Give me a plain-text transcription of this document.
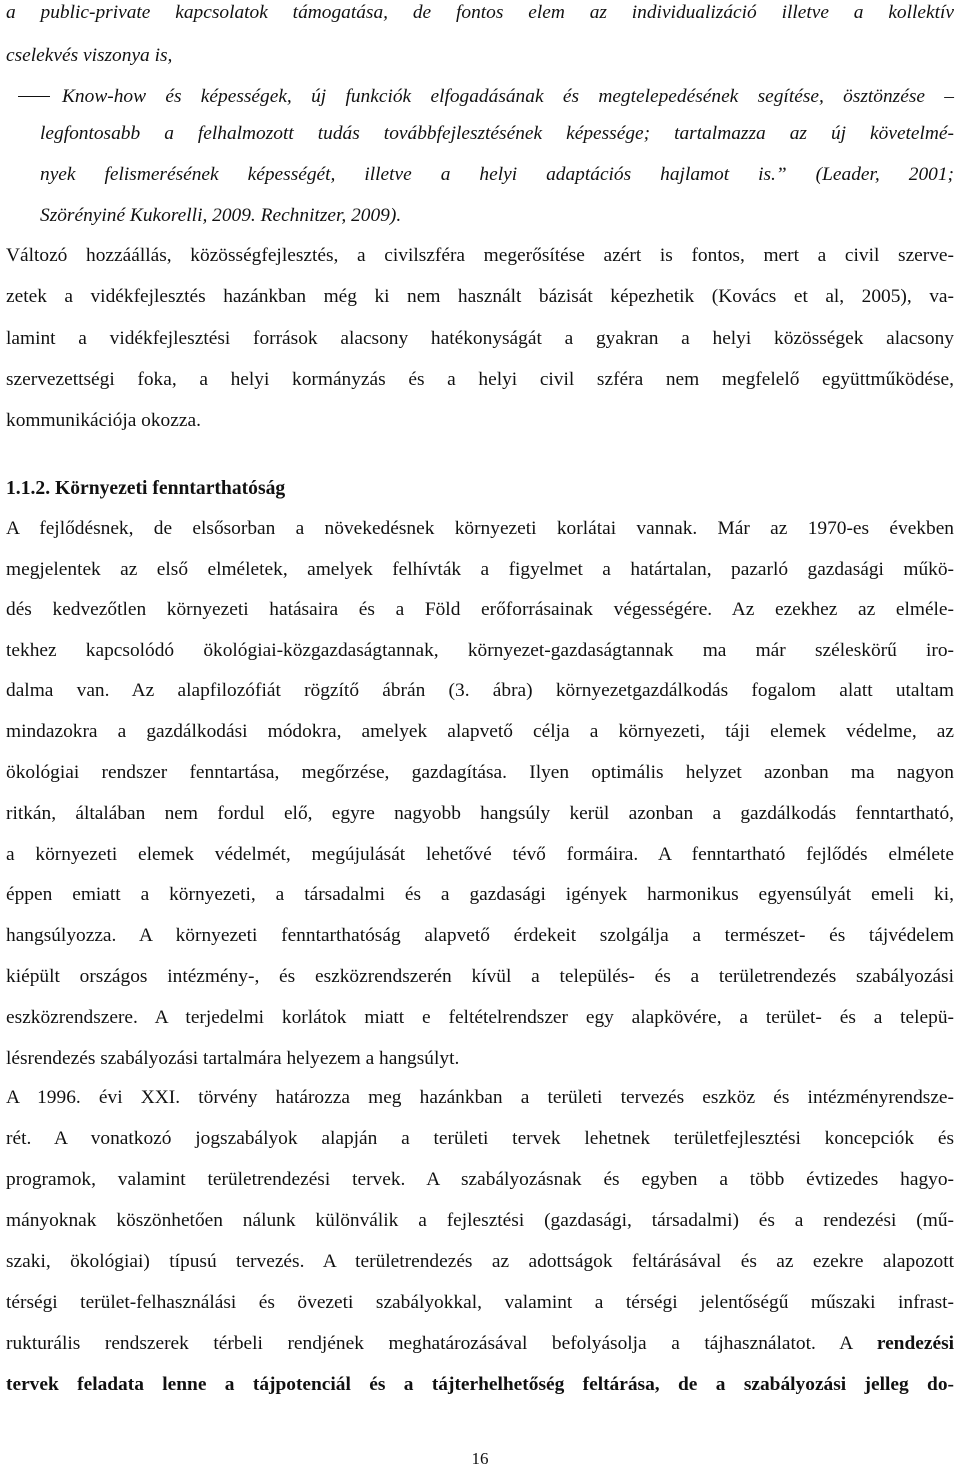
a public-private kapcsolatok támogatása, de fontos elem az individualizáció illetve a kollektív
cselekvés viszonya is,
Know-how és képességek, új funkciók elfogadásának és megtelepedésének segítése, ösztönzése –
legfontosabb a felhalmozott tudás továbbfejlesztésének képessége; tartalmazza az új követelmé-
nyek felismerésének képességét, illetve a helyi adaptációs hajlamot is.” (Leader, 2001;
Szörényiné Kukorelli, 2009. Rechnitzer, 2009).
Változó hozzáállás, közösségfejlesztés, a civilszféra megerősítése azért is fontos, mert a civil szerve-
zetek a vidékfejlesztés hazánkban még ki nem használt bázisát képezhetik (Kovács et al, 2005), va-
lamint a vidékfejlesztési források alacsony hatékonyságát a gyakran a helyi közösségek alacsony
szervezettségi foka, a helyi kormányzás és a helyi civil szféra nem megfelelő együttműködése,
kommunikációja okozza.
1.1.2. Környezeti fenntarthatóság
A fejlődésnek, de elsősorban a növekedésnek környezeti korlátai vannak. Már az 1970-es években
megjelentek az első elméletek, amelyek felhívták a figyelmet a határtalan, pazarló gazdasági műkö-
dés kedvezőtlen környezeti hatásaira és a Föld erőforrásainak végességére. Az ezekhez az elméle-
tekhez kapcsolódó ökológiai-közgazdaságtannak, környezet-gazdaságtannak ma már széleskörű iro-
dalma van. Az alapfilozófiát rögzítő ábrán (3. ábra) környezetgazdálkodás fogalom alatt utaltam
mindazokra a gazdálkodási módokra, amelyek alapvető célja a környezeti, táji elemek védelme, az
ökológiai rendszer fenntartása, megőrzése, gazdagítása. Ilyen optimális helyzet azonban ma nagyon
ritkán, általában nem fordul elő, egyre nagyobb hangsúly kerül azonban a gazdálkodás fenntartható,
a környezeti elemek védelmét, megújulását lehetővé tévő formáira. A fenntartható fejlődés elmélete
éppen emiatt a környezeti, a társadalmi és a gazdasági igények harmonikus egyensúlyát emeli ki,
hangsúlyozza. A környezeti fenntarthatóság alapvető érdekeit szolgálja a természet- és tájvédelem
kiépült országos intézmény-, és eszközrendszerén kívül a település- és a területrendezés szabályozási
eszközrendszere. A terjedelmi korlátok miatt e feltételrendszer egy alapkövére, a terület- és a telepü-
lésrendezés szabályozási tartalmára helyezem a hangsúlyt.
A 1996. évi XXI. törvény határozza meg hazánkban a területi tervezés eszköz és intézményrendsze-
rét. A vonatkozó jogszabályok alapján a területi tervek lehetnek területfejlesztési koncepciók és
programok, valamint területrendezési tervek. A szabályozásnak és egyben a több évtizedes hagyo-
mányoknak köszönhetően nálunk különválik a fejlesztési (gazdasági, társadalmi) és a rendezési (mű-
szaki, ökológiai) típusú tervezés. A területrendezés az adottságok feltárásával és az ezekre alapozott
térségi terület-felhasználási és övezeti szabályokkal, valamint a térségi jelentőségű műszaki infrast-
rukturális rendszerek térbeli rendjének meghatározásával befolyásolja a tájhasználatot. A rendezési
tervek feladata lenne a tájpotenciál és a tájterhelhetőség feltárása, de a szabályozási jelleg do-
16
